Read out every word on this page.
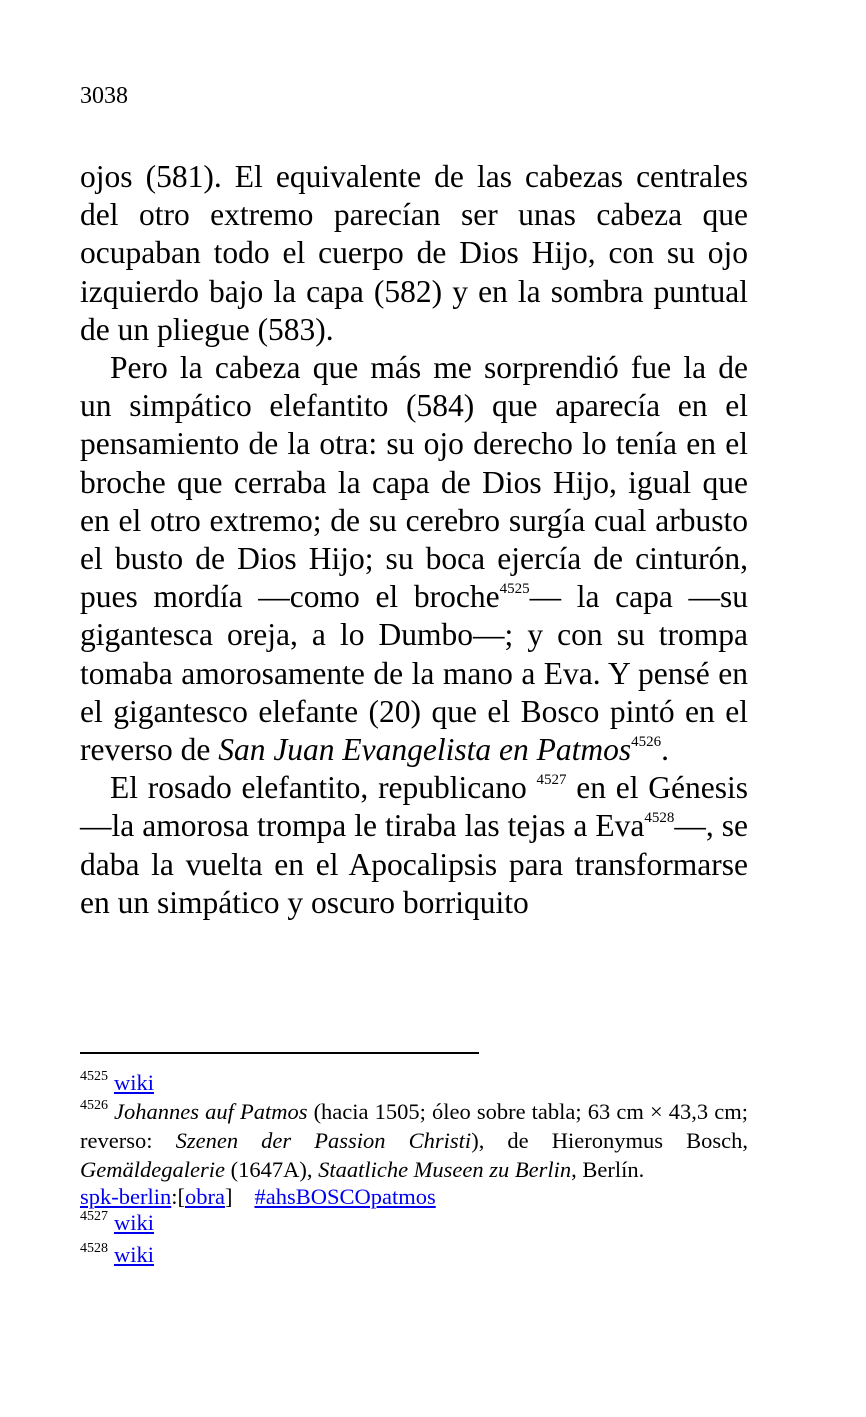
3038

ojos (581). El equivalente de las cabezas centrales del otro extremo parecían ser unas cabeza que ocupaban todo el cuerpo de Dios Hijo, con su ojo izquierdo bajo la capa (582) y en la sombra puntual de un pliegue (583).

Pero la cabeza que más me sorprendió fue la de un simpático elefantito (584) que aparecía en el pensamiento de la otra: su ojo derecho lo tenía en el broche que cerraba la capa de Dios Hijo, igual que en el otro extremo; de su cerebro surgía cual arbusto el busto de Dios Hijo; su boca ejercía de cinturón, pues mordía —como el broche$^{4525}$— la capa —su gigantesca oreja, a lo Dumbo—; y con su trompa tomaba amorosamente de la mano a Eva. Y pensé en el gigantesco elefante (20) que el Bosco pintó en el reverso de San Juan Evangelista en Patmos$^{4526}$.

El rosado elefantito, republicano $^{4527}$ en el Génesis —la amorosa trompa le tiraba las tejas a Eva$^{4528}$—, se daba la vuelta en el Apocalipsis para transformarse en un simpático y oscuro borriquito

$^{4525}$ wiki

$^{4526}$ Johannes auf Patmos (hacia 1505; óleo sobre tabla; 63 cm × 43,3 cm; reverso: Szenen der Passion Christi), de Hieronymus Bosch, Gemäldegalerie (1647A), Staatliche Museen zu Berlin, Berlín.

spk-berlin:[obra] #ahsBOSCOpatmos

$^{4527}$ wiki

$^{4528}$ wiki
